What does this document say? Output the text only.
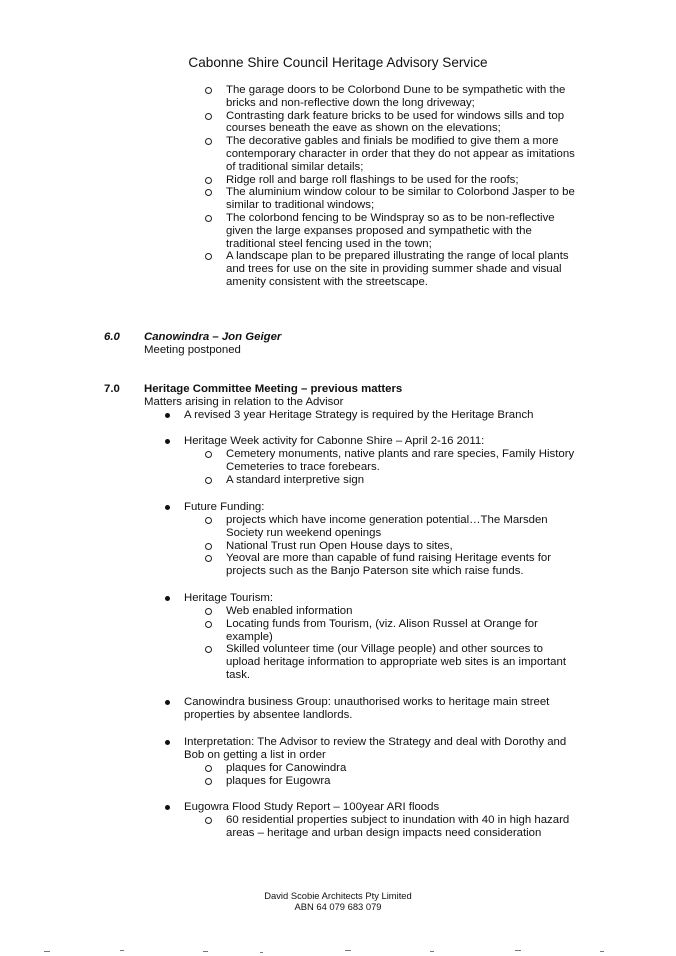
Cabonne Shire Council Heritage Advisory Service
The garage doors to be Colorbond Dune to be sympathetic with the bricks and non-reflective down the long driveway;
Contrasting dark feature bricks to be used for windows sills and top courses beneath the eave as shown on the elevations;
The decorative gables and finials be modified to give them a more contemporary character in order that they do not appear as imitations of traditional similar details;
Ridge roll and barge roll flashings to be used for the roofs;
The aluminium window colour to be similar to Colorbond Jasper to be similar to traditional windows;
The colorbond fencing to be Windspray so as to be non-reflective given the large expanses proposed and sympathetic with the traditional steel fencing used in the town;
A landscape plan to be prepared illustrating the range of local plants and trees for use on the site in providing summer shade and visual amenity consistent with the streetscape.
6.0 Canowindra – Jon Geiger
Meeting postponed
7.0 Heritage Committee Meeting – previous matters
Matters arising in relation to the Advisor
A revised 3 year Heritage Strategy is required by the Heritage Branch
Heritage Week activity for Cabonne Shire – April 2-16 2011:
Cemetery monuments, native plants and rare species, Family History Cemeteries to trace forebears.
A standard interpretive sign
Future Funding:
projects which have income generation potential…The Marsden Society run weekend openings
National Trust run Open House days to sites,
Yeoval are more than capable of fund raising Heritage events for projects such as the Banjo Paterson site which raise funds.
Heritage Tourism:
Web enabled information
Locating funds from Tourism, (viz. Alison Russel at Orange for example)
Skilled volunteer time (our Village people) and other sources to upload heritage information to appropriate web sites is an important task.
Canowindra business Group: unauthorised works to heritage main street properties by absentee landlords.
Interpretation: The Advisor to review the Strategy and deal with Dorothy and Bob on getting a list in order
plaques for Canowindra
plaques for Eugowra
Eugowra Flood Study Report – 100year ARI floods
60 residential properties subject to inundation with 40 in high hazard areas – heritage and urban design impacts need consideration
David Scobie Architects Pty Limited
ABN 64 079 683 079
